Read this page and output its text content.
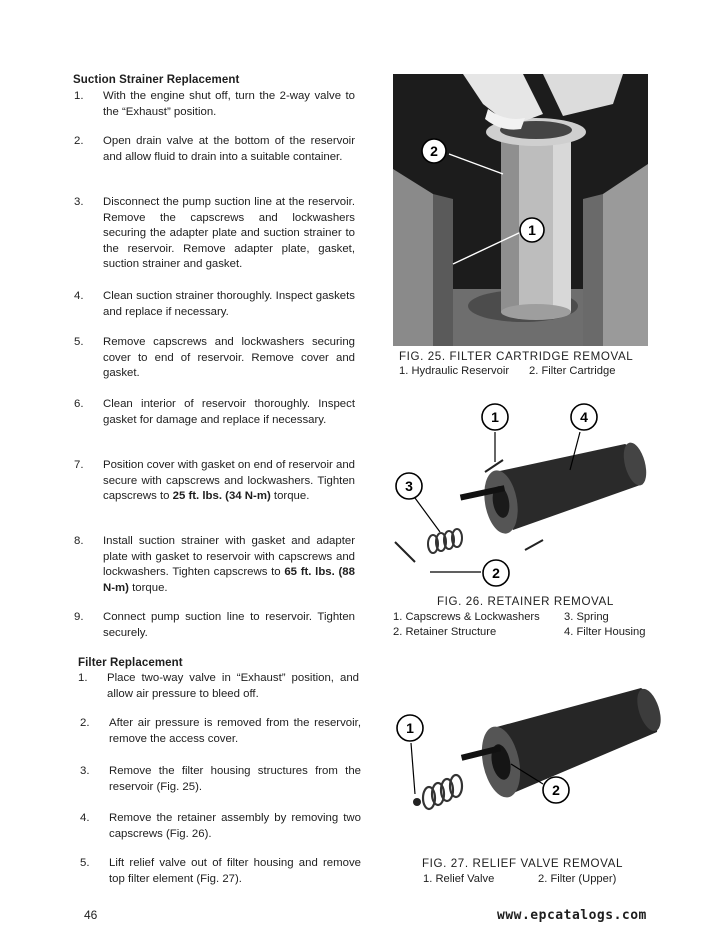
Suction Strainer Replacement
1. With the engine shut off, turn the 2-way valve to the “Exhaust” position.
2. Open drain valve at the bottom of the reservoir and allow fluid to drain into a suitable container.
3. Disconnect the pump suction line at the reservoir. Remove the capscrews and lockwashers securing the adapter plate and suction strainer to the reservoir. Remove adapter plate, gasket, suction strainer and gasket.
4. Clean suction strainer thoroughly. Inspect gaskets and replace if necessary.
5. Remove capscrews and lockwashers securing cover to end of reservoir. Remove cover and gasket.
6. Clean interior of reservoir thoroughly. Inspect gasket for damage and replace if necessary.
7. Position cover with gasket on end of reservoir and secure with capscrews and lockwashers. Tighten capscrews to 25 ft. lbs. (34 N-m) torque.
8. Install suction strainer with gasket and adapter plate with gasket to reservoir with capscrews and lockwashers. Tighten capscrews to 65 ft. lbs. (88 N-m) torque.
9. Connect pump suction line to reservoir. Tighten securely.
Filter Replacement
1. Place two-way valve in “Exhaust” position, and allow air pressure to bleed off.
2. After air pressure is removed from the reservoir, remove the access cover.
3. Remove the filter housing structures from the reservoir (Fig. 25).
4. Remove the retainer assembly by removing two capscrews (Fig. 26).
5. Lift relief valve out of filter housing and remove top filter element (Fig. 27).
2
1
FIG. 25. FILTER CARTRIDGE REMOVAL
1. Hydraulic Reservoir 2. Filter Cartridge
1	4
3
2
FIG. 26. RETAINER REMOVAL
1. Capscrews & Lockwashers 3. Spring
2. Retainer Structure	4. Filter Housing
1
2
FIG. 27. RELIEF VALVE REMOVAL
1. Relief Valve	2. Filter (Upper)
46	www.epcatalogs.com
